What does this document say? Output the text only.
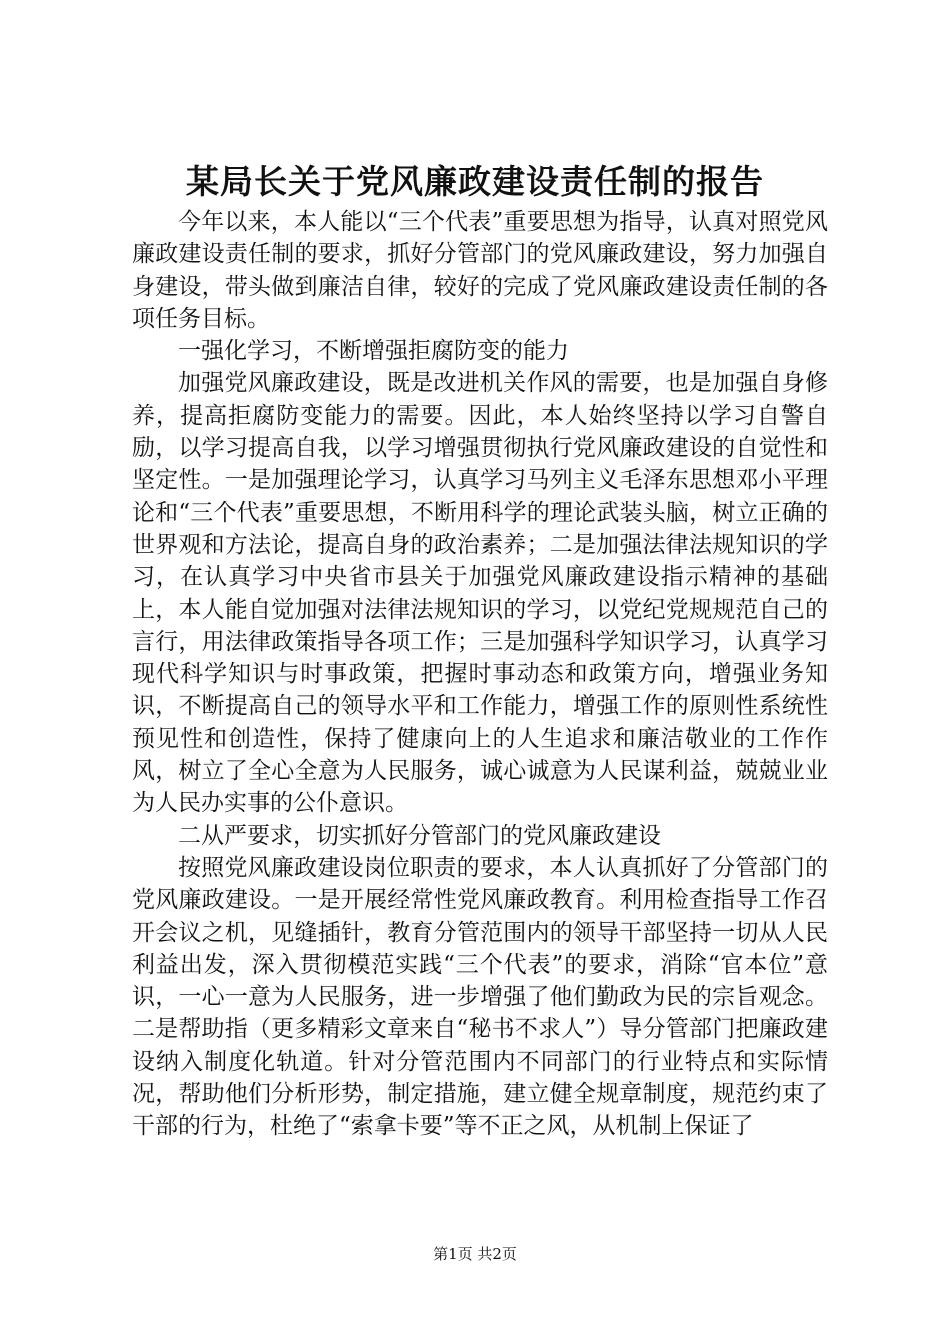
某局长关于党风廉政建设责任制的报告

今年以来，本人能以“三个代表”重要思想为指导，认真对照党风廉政建设责任制的要求，抓好分管部门的党风廉政建设，努力加强自身建设，带头做到廉洁自律，较好的完成了党风廉政建设责任制的各项任务目标。

一强化学习，不断增强拒腐防变的能力

加强党风廉政建设，既是改进机关作风的需要，也是加强自身修养，提高拒腐防变能力的需要。因此，本人始终坚持以学习自警自励，以学习提高自我，以学习增强贯彻执行党风廉政建设的自觉性和坚定性。一是加强理论学习，认真学习马列主义毛泽东思想邓小平理论和“三个代表”重要思想，不断用科学的理论武装头脑，树立正确的世界观和方法论，提高自身的政治素养；二是加强法律法规知识的学习，在认真学习中央省市县关于加强党风廉政建设指示精神的基础上，本人能自觉加强对法律法规知识的学习，以党纪党规规范自己的言行，用法律政策指导各项工作；三是加强科学知识学习，认真学习现代科学知识与时事政策，把握时事动态和政策方向，增强业务知识，不断提高自己的领导水平和工作能力，增强工作的原则性系统性预见性和创造性，保持了健康向上的人生追求和廉洁敬业的工作作风，树立了全心全意为人民服务，诚心诚意为人民谋利益，兢兢业业为人民办实事的公仆意识。

二从严要求，切实抓好分管部门的党风廉政建设

按照党风廉政建设岗位职责的要求，本人认真抓好了分管部门的党风廉政建设。一是开展经常性党风廉政教育。利用检查指导工作召开会议之机，见缝插针，教育分管范围内的领导干部坚持一切从人民利益出发，深入贯彻模范实践“三个代表”的要求，消除“官本位”意识，一心一意为人民服务，进一步增强了他们勤政为民的宗旨观念。二是帮助指（更多精彩文章来自“秘书不求人”）导分管部门把廉政建设纳入制度化轨道。针对分管范围内不同部门的行业特点和实际情况，帮助他们分析形势，制定措施，建立健全规章制度，规范约束了干部的行为，杜绝了“索拿卡要”等不正之风，从机制上保证了

第1页 共2页
